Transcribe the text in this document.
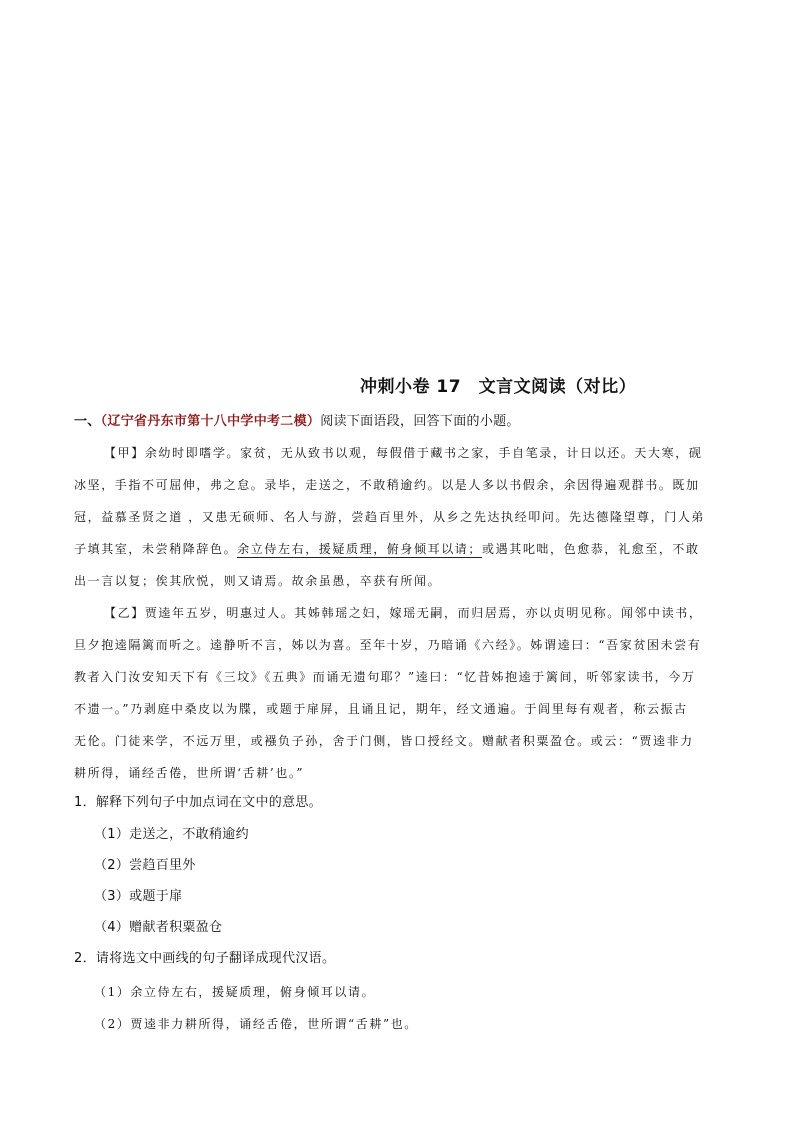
冲刺小卷 17　文言文阅读（对比）
一、（辽宁省丹东市第十八中学中考二模）阅读下面语段，回答下面的小题。
【甲】余幼时即嗜学。家贫，无从致书以观，每假借于藏书之家，手自笔录，计日以还。天大寒，砚
冰坚，手指不可屈伸，弗之怠。录毕，走送之，不敢稍逾约。以是人多以书假余，余因得遍观群书。既加
冠，益慕圣贤之道 ，又患无硕师、名人与游，尝趋百里外，从乡之先达执经叩问。先达德隆望尊，门人弟
子填其室，未尝稍降辞色。余立侍左右，援疑质理，俯身倾耳以请；或遇其叱咄，色愈恭，礼愈至，不敢
出一言以复；俟其欣悦，则又请焉。故余虽愚，卒获有所闻。
【乙】贾逵年五岁，明惠过人。其姊韩瑶之妇，嫁瑶无嗣，而归居焉，亦以贞明见称。闻邻中读书，
旦夕抱逵隔篱而听之。逵静听不言，姊以为喜。至年十岁，乃暗诵《六经》。姊谓逵曰：“吾家贫困未尝有
教者入门汝安知天下有《三坟》《五典》而诵无遗句耶？”逵曰：“忆昔姊抱逵于篱间，听邻家读书，今万
不遗一。”乃剥庭中桑皮以为牒，或题于扉屏，且诵且记，期年，经文通遍。于闾里每有观者，称云振古
无伦。门徒来学，不远万里，或襁负子孙，舍于门侧，皆口授经文。赠献者积粟盈仓。或云：“贾逵非力
耕所得，诵经舌倦，世所谓‘舌耕’也。”
1．解释下列句子中加点词在文中的意思。
（1）走送之，不敢稍逾约
（2）尝趋百里外
（3）或题于扉
（4）赠献者积粟盈仓
2．请将选文中画线的句子翻译成现代汉语。
（1）余立侍左右，援疑质理，俯身倾耳以请。
（2）贾逵非力耕所得，诵经舌倦，世所谓“舌耕”也。
